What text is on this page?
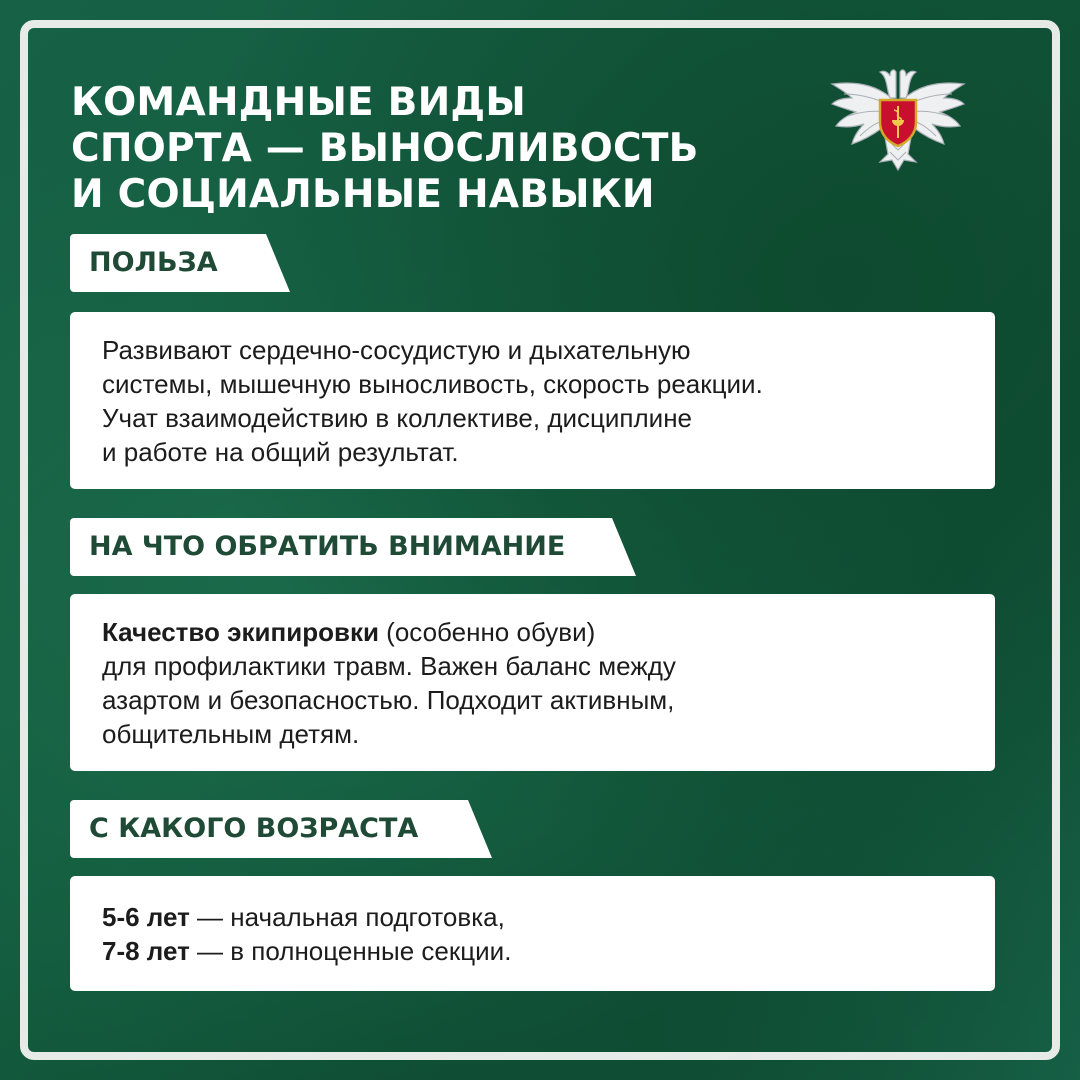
КОМАНДНЫЕ ВИДЫ
СПОРТА — ВЫНОСЛИВОСТЬ
И СОЦИАЛЬНЫЕ НАВЫКИ
ПОЛЬЗА
Развивают сердечно-сосудистую и дыхательную
системы, мышечную выносливость, скорость реакции.
Учат взаимодействию в коллективе, дисциплине
и работе на общий результат.
НА ЧТО ОБРАТИТЬ ВНИМАНИЕ
Качество экипировки (особенно обуви)
для профилактики травм. Важен баланс между
азартом и безопасностью. Подходит активным,
общительным детям.
С КАКОГО ВОЗРАСТА
5-6 лет — начальная подготовка,
7-8 лет — в полноценные секции.
